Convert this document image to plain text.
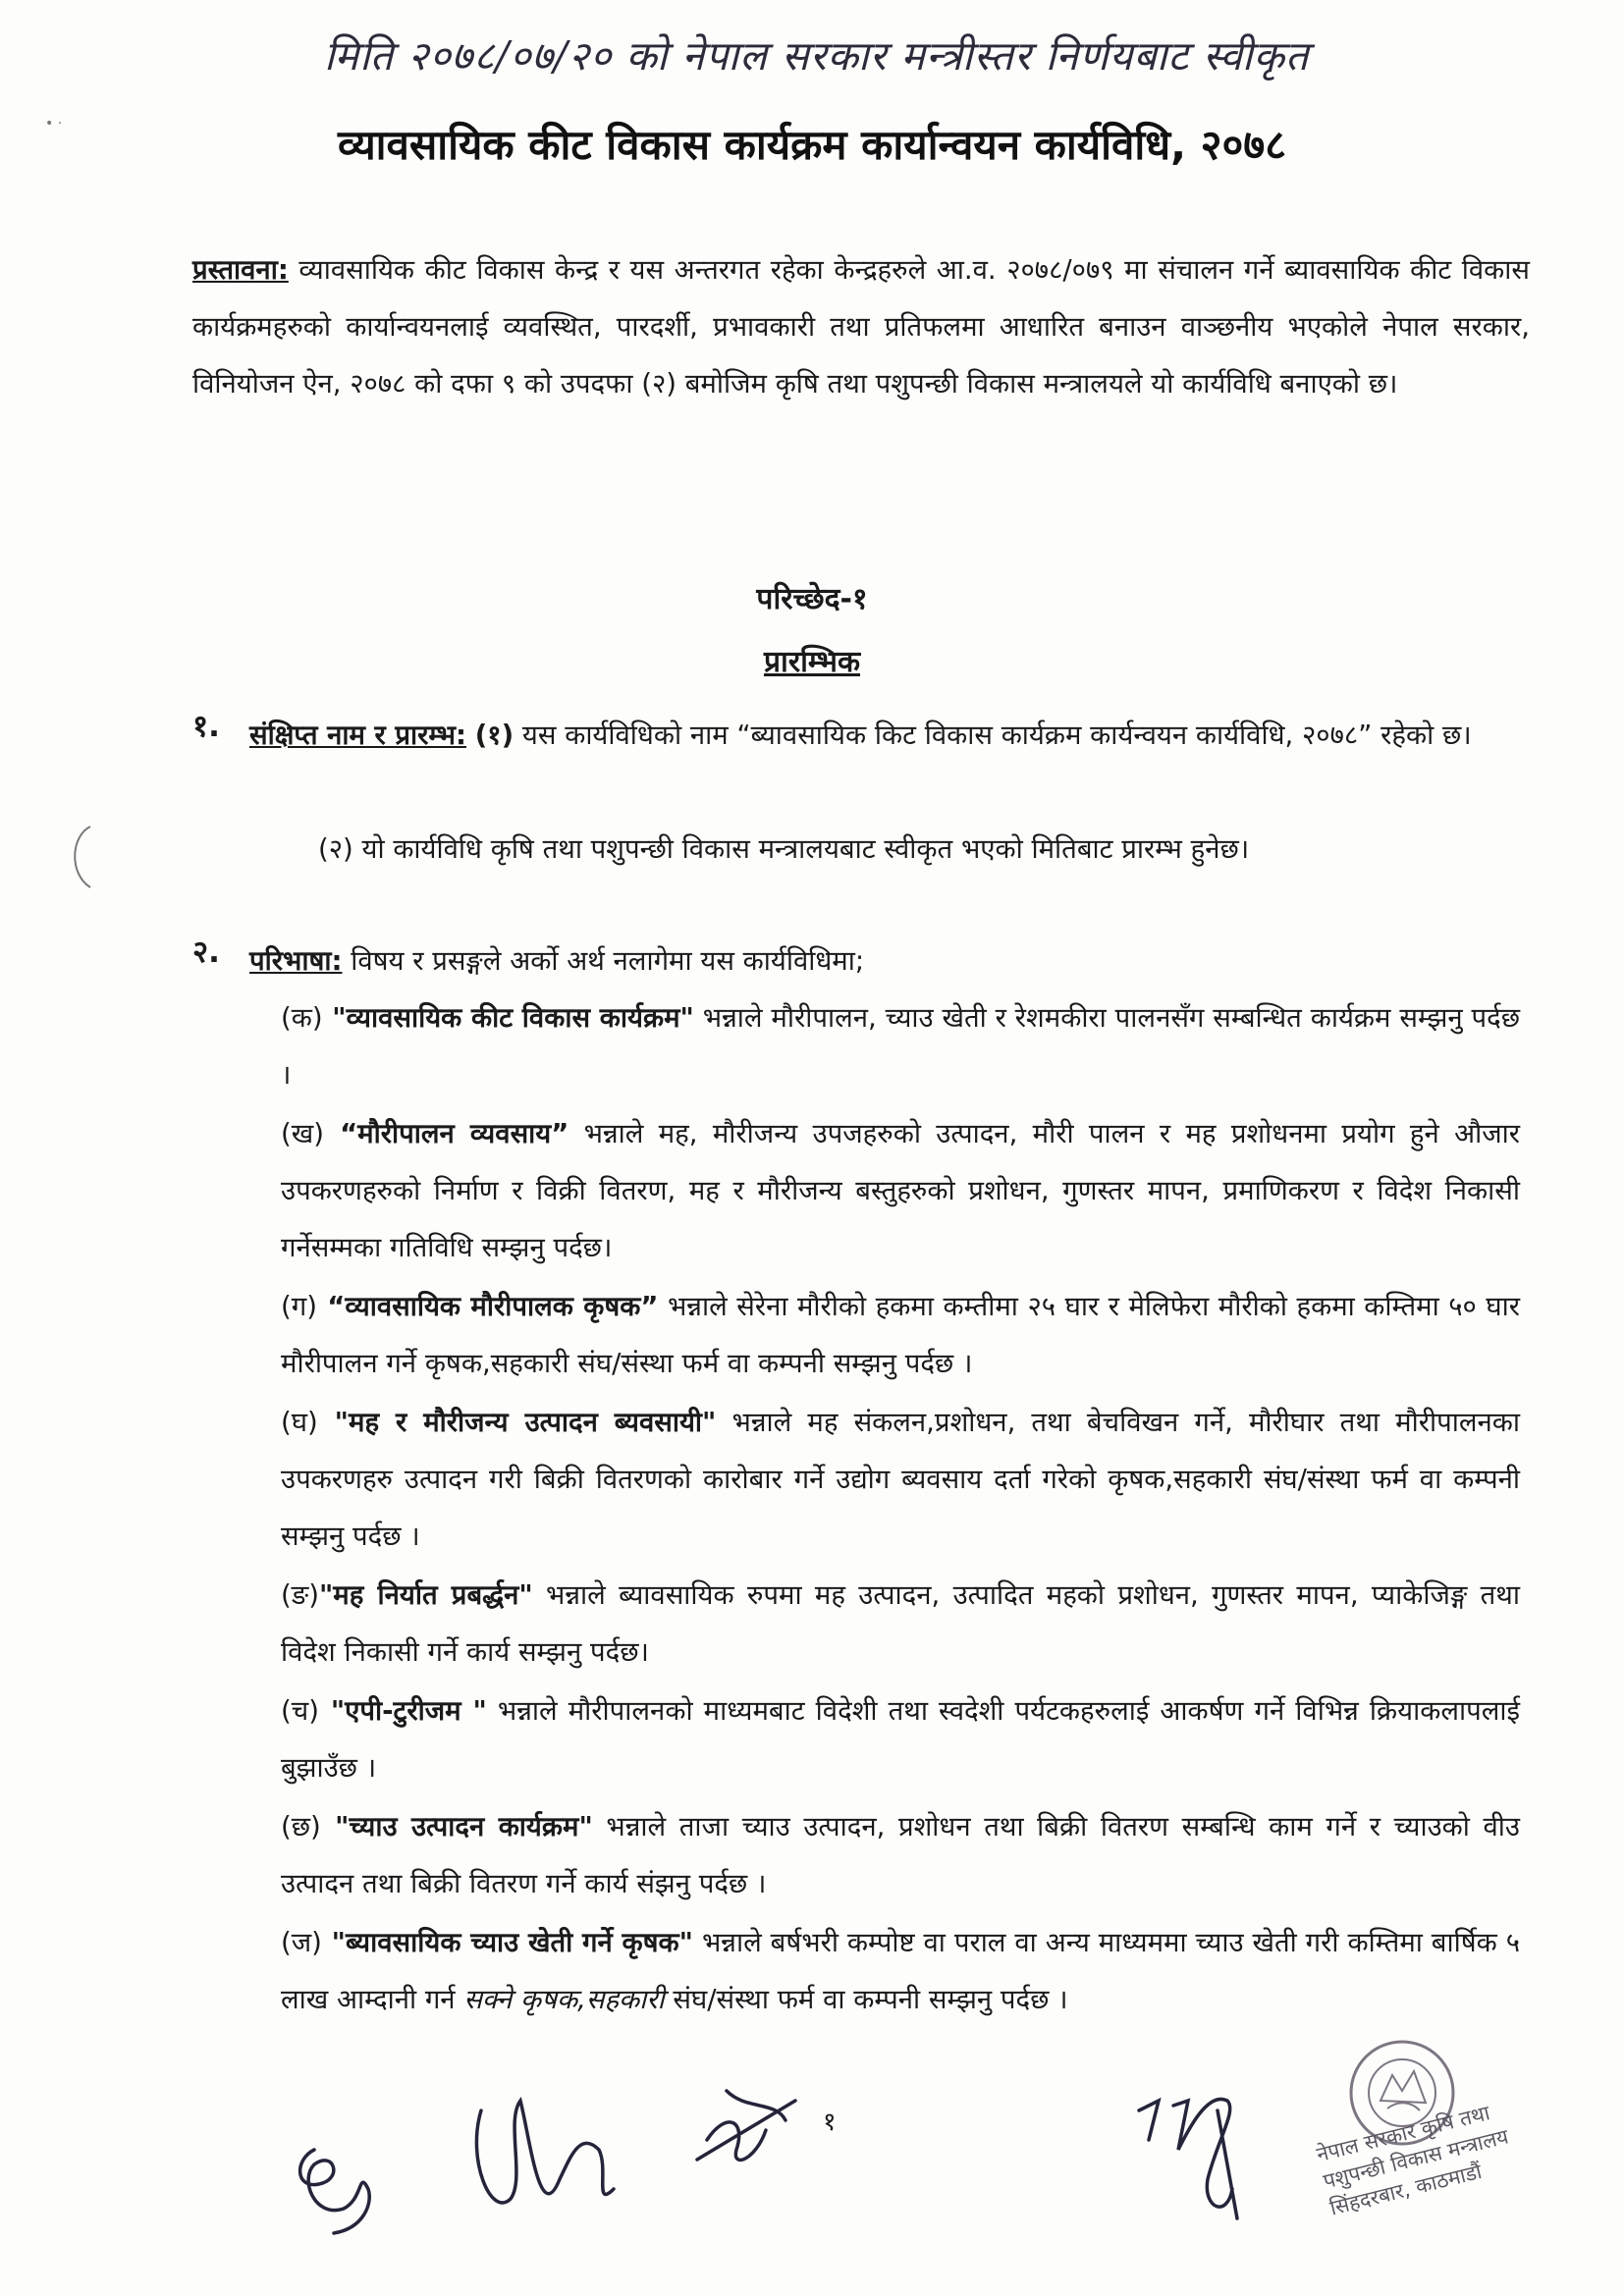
• ·
मिति २०७८/०७/२० को नेपाल सरकार मन्त्रीस्तर निर्णयबाट स्वीकृत
व्यावसायिक कीट विकास कार्यक्रम कार्यान्वयन कार्यविधि, २०७८
प्रस्तावना: व्यावसायिक कीट विकास केन्द्र र यस अन्तरगत रहेका केन्द्रहरुले आ.व. २०७८/०७९ मा संचालन गर्ने ब्यावसायिक कीट विकास कार्यक्रमहरुको कार्यान्वयनलाई व्यवस्थित, पारदर्शी, प्रभावकारी तथा प्रतिफलमा आधारित बनाउन वाञ्छनीय भएकोले नेपाल सरकार, विनियोजन ऐन, २०७८ को दफा ९ को उपदफा (२) बमोजिम कृषि तथा पशुपन्छी विकास मन्त्रालयले यो कार्यविधि बनाएको छ।
परिच्छेद-१
प्रारम्भिक
१. संक्षिप्त नाम र प्रारम्भ: (१) यस कार्यविधिको नाम “ब्यावसायिक किट विकास कार्यक्रम कार्यन्वयन कार्यविधि, २०७८” रहेको छ।
(२) यो कार्यविधि कृषि तथा पशुपन्छी विकास मन्त्रालयबाट स्वीकृत भएको मितिबाट प्रारम्भ हुनेछ।
२. परिभाषा: विषय र प्रसङ्गले अर्को अर्थ नलागेमा यस कार्यविधिमा;
(क) "व्यावसायिक कीट विकास कार्यक्रम" भन्नाले मौरीपालन, च्याउ खेती र रेशमकीरा पालनसँग सम्बन्धित कार्यक्रम सम्झनु पर्दछ ।
(ख) “मौरीपालन व्यवसाय” भन्नाले मह, मौरीजन्य उपजहरुको उत्पादन, मौरी पालन र मह प्रशोधनमा प्रयोग हुने औजार उपकरणहरुको निर्माण र विक्री वितरण, मह र मौरीजन्य बस्तुहरुको प्रशोधन, गुणस्तर मापन, प्रमाणिकरण र विदेश निकासी गर्नेसम्मका गतिविधि सम्झनु पर्दछ।
(ग) “व्यावसायिक मौरीपालक कृषक” भन्नाले सेरेना मौरीको हकमा कम्तीमा २५ घार र मेलिफेरा मौरीको हकमा कम्तिमा ५० घार मौरीपालन गर्ने कृषक,सहकारी संघ/संस्था फर्म वा कम्पनी सम्झनु पर्दछ ।
(घ) "मह र मौरीजन्य उत्पादन ब्यवसायी" भन्नाले मह संकलन,प्रशोधन, तथा बेचविखन गर्ने, मौरीघार तथा मौरीपालनका उपकरणहरु उत्पादन गरी बिक्री वितरणको कारोबार गर्ने उद्योग ब्यवसाय दर्ता गरेको कृषक,सहकारी संघ/संस्था फर्म वा कम्पनी सम्झनु पर्दछ ।
(ङ)"मह निर्यात प्रबर्द्धन" भन्नाले ब्यावसायिक रुपमा मह उत्पादन, उत्पादित महको प्रशोधन, गुणस्तर मापन, प्याकेजिङ्ग तथा विदेश निकासी गर्ने कार्य सम्झनु पर्दछ।
(च) "एपी-टुरीजम " भन्नाले मौरीपालनको माध्यमबाट विदेशी तथा स्वदेशी पर्यटकहरुलाई आकर्षण गर्ने विभिन्न क्रियाकलापलाई बुझाउँछ ।
(छ) "च्याउ उत्पादन कार्यक्रम" भन्नाले ताजा च्याउ उत्पादन, प्रशोधन तथा बिक्री वितरण सम्बन्धि काम गर्ने र च्याउको वीउ उत्पादन तथा बिक्री वितरण गर्ने कार्य संझनु पर्दछ ।
(ज) "ब्यावसायिक च्याउ खेती गर्ने कृषक" भन्नाले बर्षभरी कम्पोष्ट वा पराल वा अन्य माध्यममा च्याउ खेती गरी कम्तिमा बार्षिक ५ लाख आम्दानी गर्न सक्ने कृषक,सहकारी संघ/संस्था फर्म वा कम्पनी सम्झनु पर्दछ ।
१	नेपाल सरकार कृषि तथा पशुपन्छी विकास मन्त्रालय सिंहदरबार, काठमाडौं
